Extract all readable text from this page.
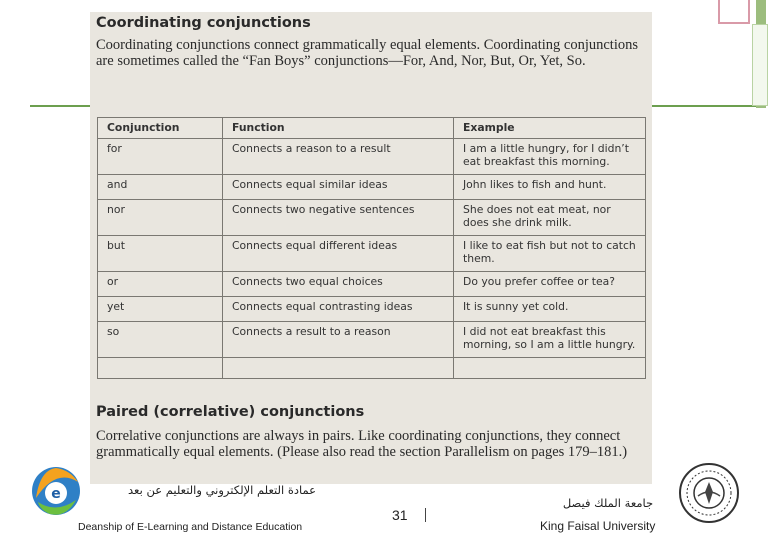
Coordinating conjunctions
Coordinating conjunctions connect grammatically equal elements. Coordinating conjunctions are sometimes called the “Fan Boys” conjunctions—For, And, Nor, But, Or, Yet, So.
Conjunction	Function	Example
for	Connects a reason to a result	I am a little hungry, for I didn’t eat breakfast this morning.
and	Connects equal similar ideas	John likes to fish and hunt.
nor	Connects two negative sentences	She does not eat meat, nor does she drink milk.
but	Connects equal different ideas	I like to eat fish but not to catch them.
or	Connects two equal choices	Do you prefer coffee or tea?
yet	Connects equal contrasting ideas	It is sunny yet cold.
so	Connects a result to a reason	I did not eat breakfast this morning, so I am a little hungry.

Paired (correlative) conjunctions
Correlative conjunctions are always in pairs. Like coordinating conjunctions, they connect grammatically equal elements. (Please also read the section Parallelism on pages 179–181.)
e	عمادة التعلم الإلكتروني والتعليم عن بعد
Deanship of E-Learning and Distance Education
31
جامعة الملك فيصل
King Faisal University
